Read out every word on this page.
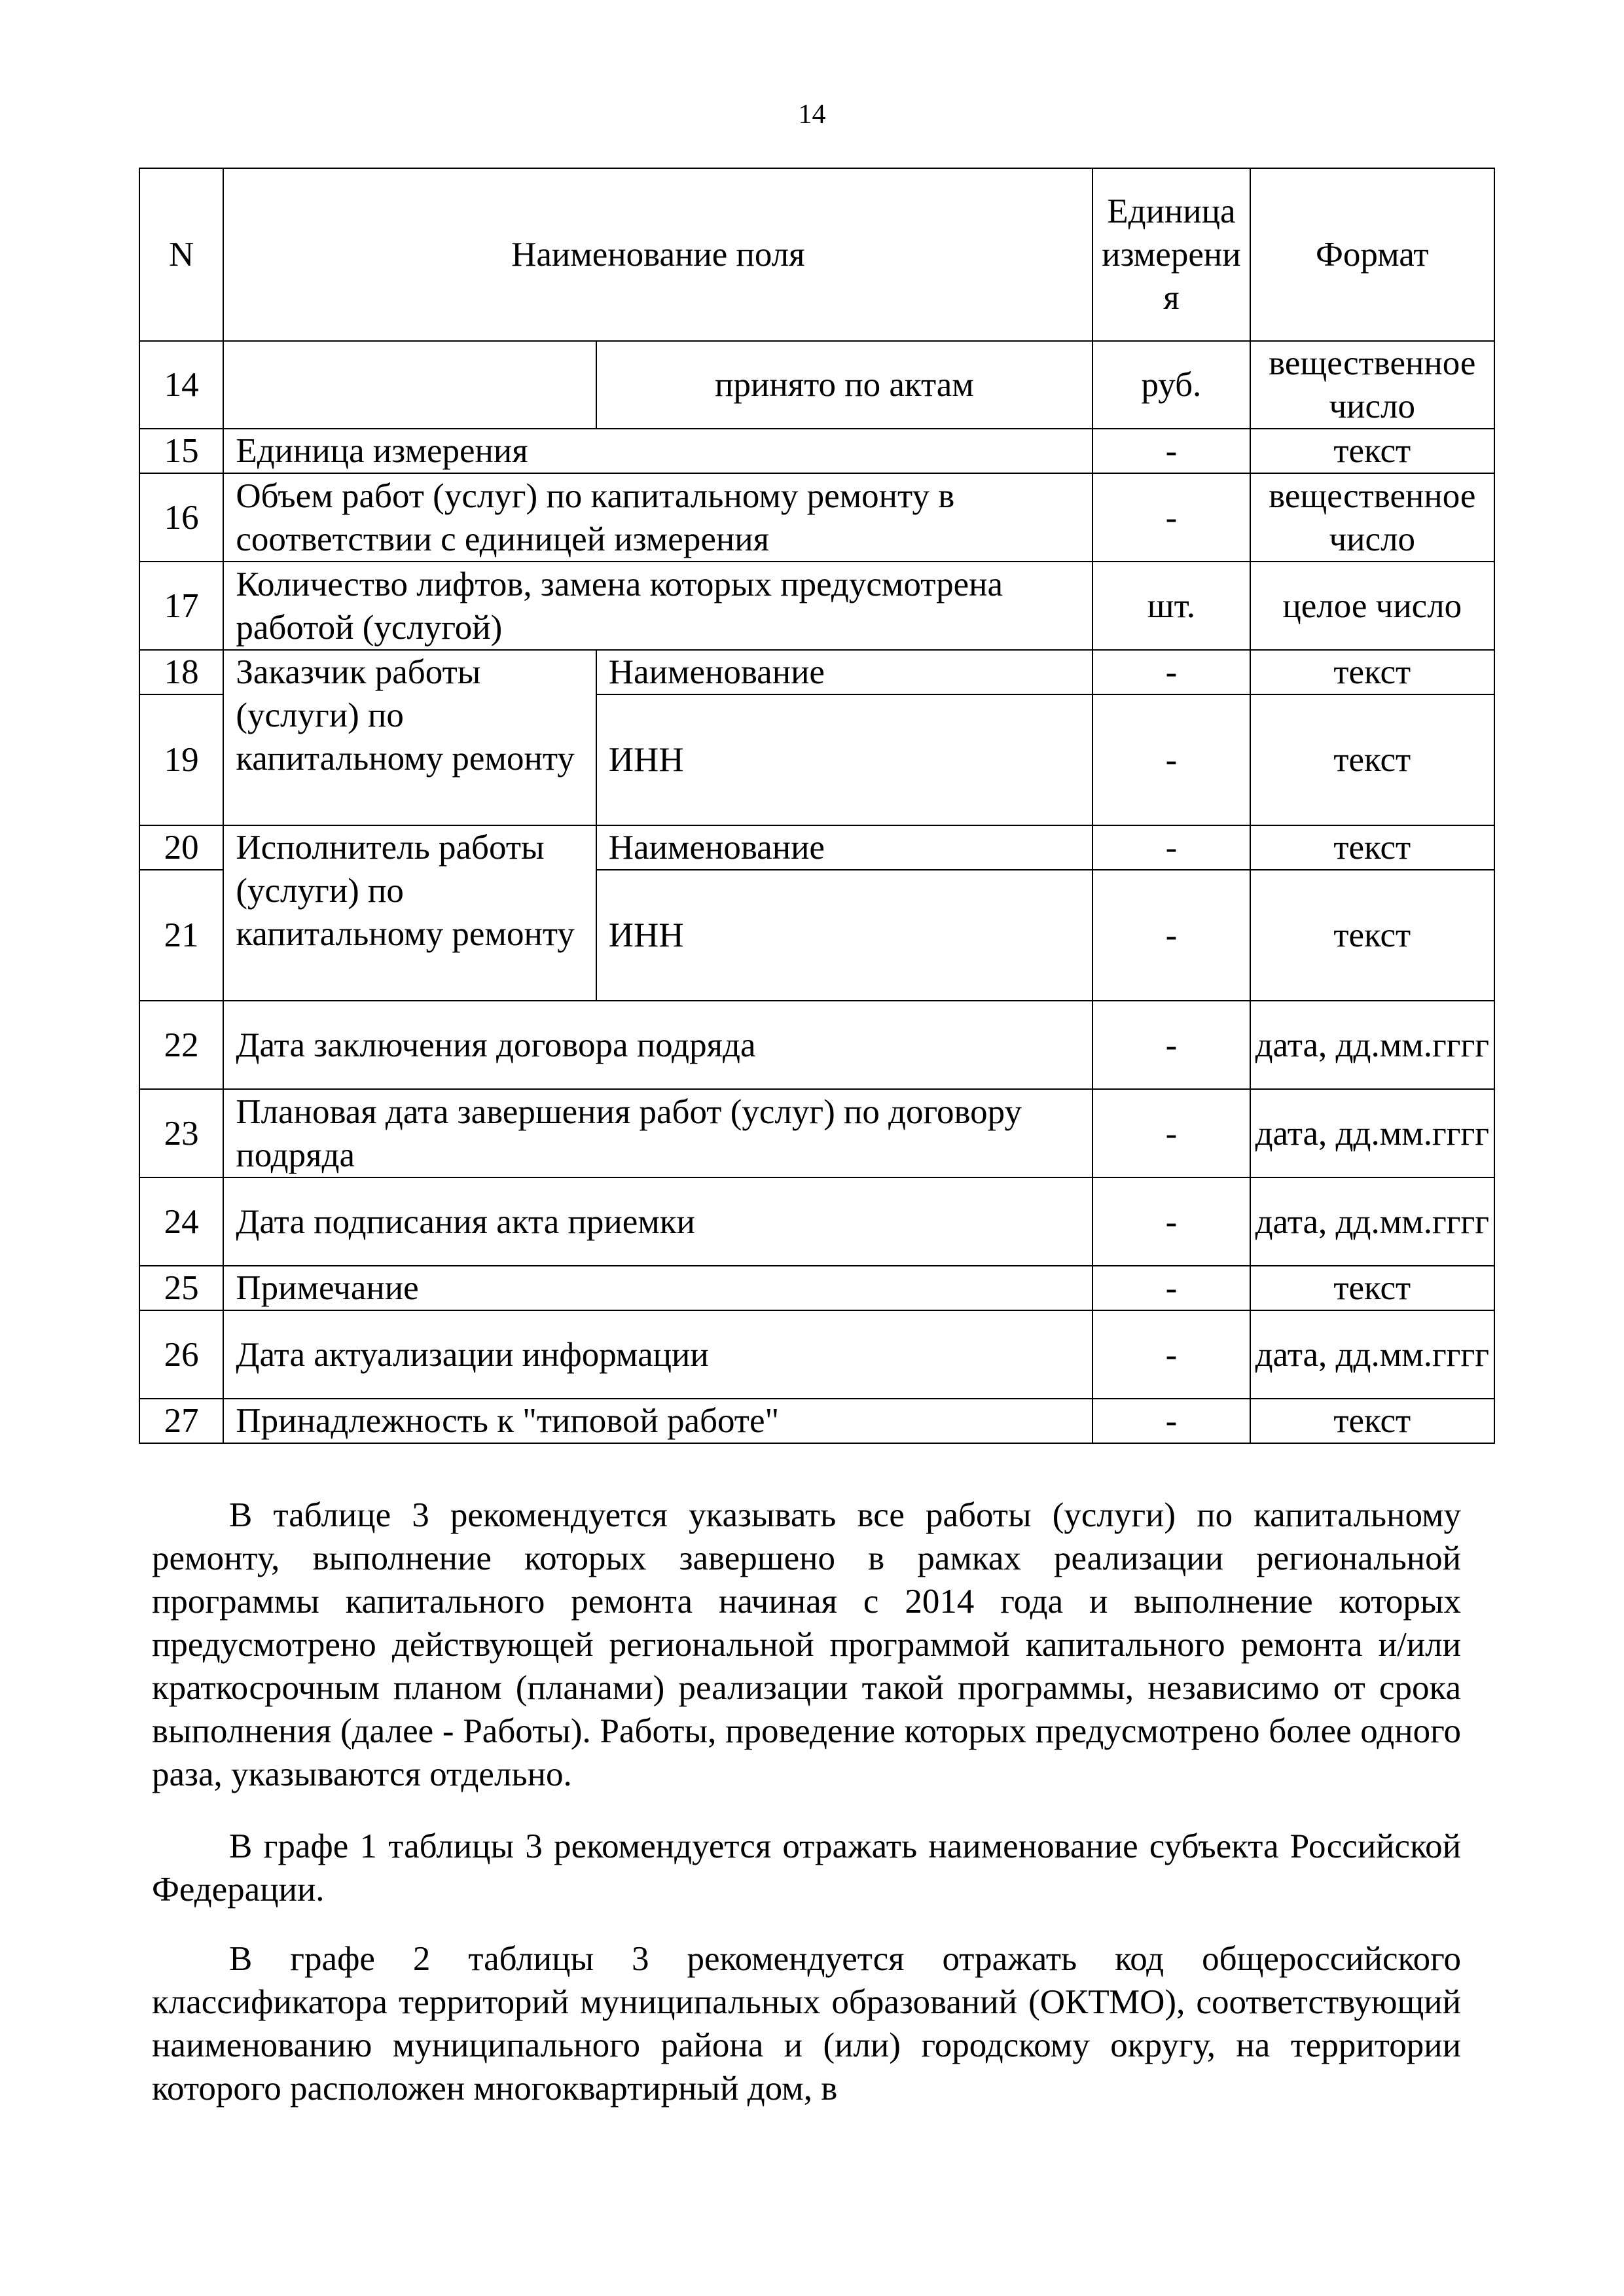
14
N	Наименование поля		Единица измерения	Формат
14		принято по актам	руб.	вещественное число
15	Единица измерения		-	текст
16	Объем работ (услуг) по капитальному ремонту в соответствии с единицей измерения		-	вещественное число
17	Количество лифтов, замена которых предусмотрена работой (услугой)		шт.	целое число
18	Заказчик работы (услуги) по капитальному ремонту	Наименование	-	текст
19		ИНН	-	текст
20	Исполнитель работы (услуги) по капитальному ремонту	Наименование	-	текст
21		ИНН	-	текст
22	Дата заключения договора подряда		-	дата, дд.мм.гггг
23	Плановая дата завершения работ (услуг) по договору подряда		-	дата, дд.мм.гггг
24	Дата подписания акта приемки		-	дата, дд.мм.гггг
25	Примечание		-	текст
26	Дата актуализации информации		-	дата, дд.мм.гггг
27	Принадлежность к "типовой работе"		-	текст

В таблице 3 рекомендуется указывать все работы (услуги) по капитальному ремонту, выполнение которых завершено в рамках реализации региональной программы капитального ремонта начиная с 2014 года и выполнение которых предусмотрено действующей региональной программой капитального ремонта и/или краткосрочным планом (планами) реализации такой программы, независимо от срока выполнения (далее - Работы). Работы, проведение которых предусмотрено более одного раза, указываются отдельно.

В графе 1 таблицы 3 рекомендуется отражать наименование субъекта Российской Федерации.

В графе 2 таблицы 3 рекомендуется отражать код общероссийского классификатора территорий муниципальных образований (ОКТМО), соответствующий наименованию муниципального района и (или) городскому округу, на территории которого расположен многоквартирный дом, в
